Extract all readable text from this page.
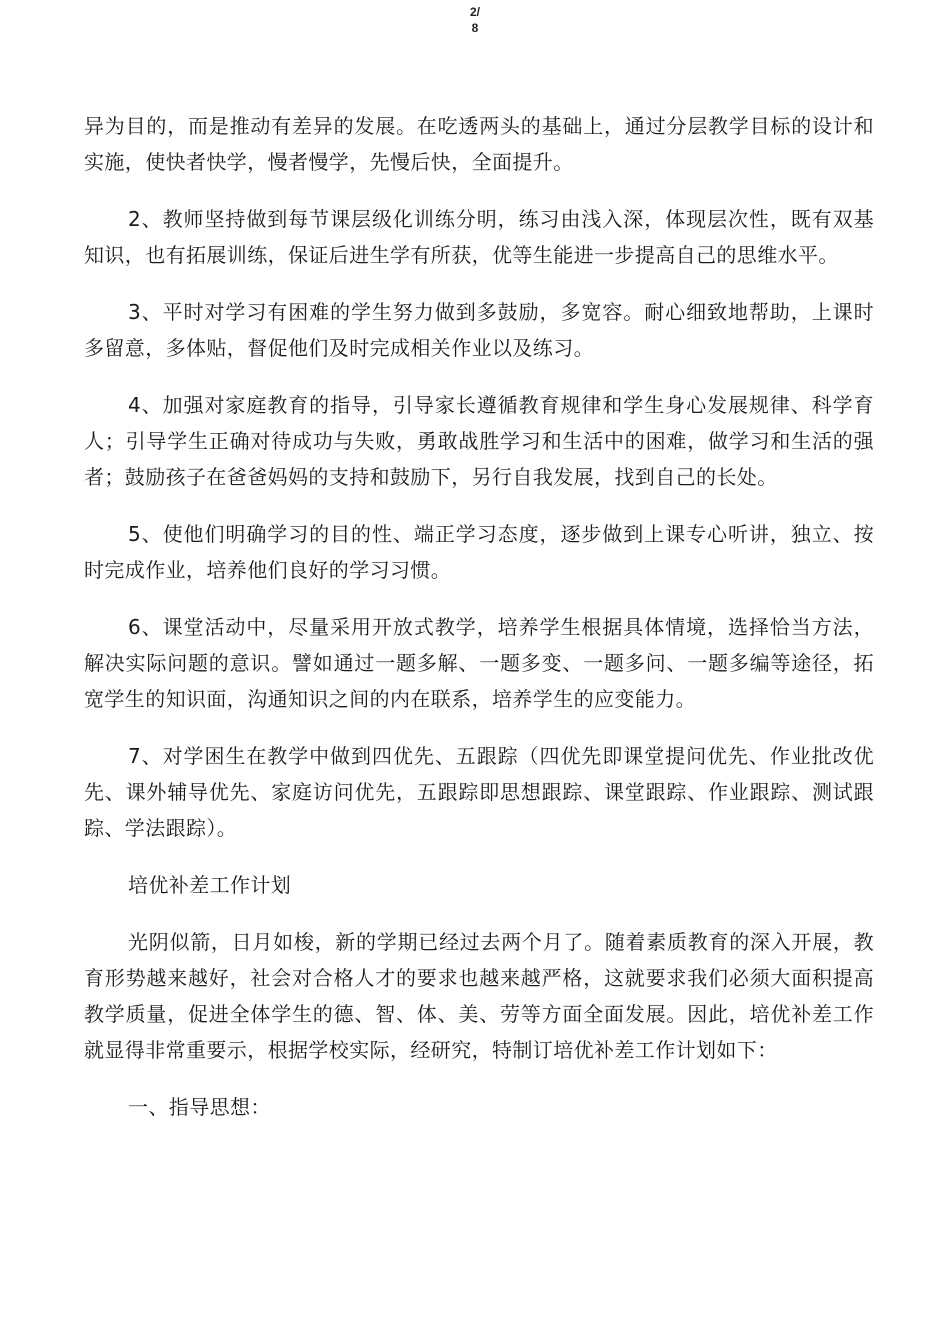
2/
8

异为目的，而是推动有差异的发展。在吃透两头的基础上，通过分层教学目标的设计和实施，使快者快学，慢者慢学，先慢后快，全面提升。

2、教师坚持做到每节课层级化训练分明，练习由浅入深，体现层次性，既有双基知识，也有拓展训练，保证后进生学有所获，优等生能进一步提高自己的思维水平。

3、平时对学习有困难的学生努力做到多鼓励，多宽容。耐心细致地帮助，上课时多留意，多体贴，督促他们及时完成相关作业以及练习。

4、加强对家庭教育的指导，引导家长遵循教育规律和学生身心发展规律、科学育人；引导学生正确对待成功与失败，勇敢战胜学习和生活中的困难，做学习和生活的强者；鼓励孩子在爸爸妈妈的支持和鼓励下，另行自我发展，找到自己的长处。

5、使他们明确学习的目的性、端正学习态度，逐步做到上课专心听讲，独立、按时完成作业，培养他们良好的学习习惯。

6、课堂活动中，尽量采用开放式教学，培养学生根据具体情境，选择恰当方法，解决实际问题的意识。譬如通过一题多解、一题多变、一题多问、一题多编等途径，拓宽学生的知识面，沟通知识之间的内在联系，培养学生的应变能力。

7、对学困生在教学中做到四优先、五跟踪（四优先即课堂提问优先、作业批改优先、课外辅导优先、家庭访问优先，五跟踪即思想跟踪、课堂跟踪、作业跟踪、测试跟踪、学法跟踪）。

培优补差工作计划

光阴似箭，日月如梭，新的学期已经过去两个月了。随着素质教育的深入开展，教育形势越来越好，社会对合格人才的要求也越来越严格，这就要求我们必须大面积提高教学质量，促进全体学生的德、智、体、美、劳等方面全面发展。因此，培优补差工作就显得非常重要示，根据学校实际，经研究，特制订培优补差工作计划如下：

一、指导思想：
